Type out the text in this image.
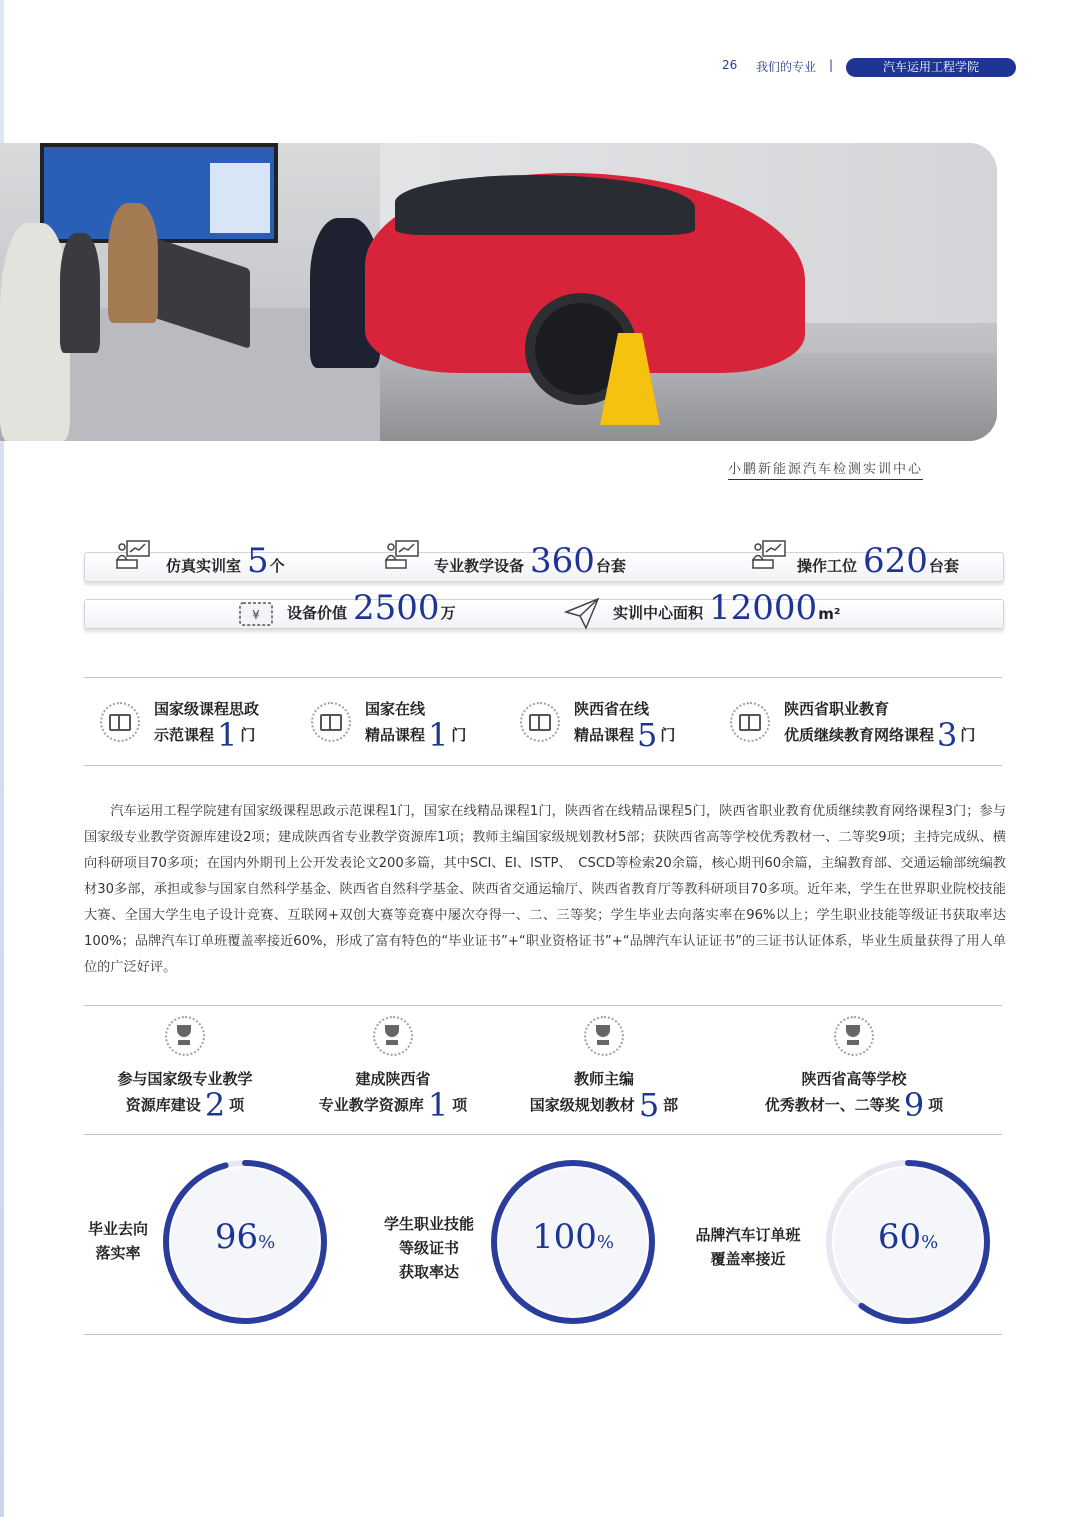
26 我们的专业 |	汽车运用工程学院
小鹏新能源汽车检测实训中心
仿真实训室 5 个	专业教学设备 360 台套	操作工位 620 台套
¥ 设备价值 2500 万	实训中心面积 12000 m²
国家级课程思政
示范课程1 门
国家在线
精品课程1 门
陕西省在线
精品课程5 门
陕西省职业教育
优质继续教育网络课程3 门
汽车运用工程学院建有国家级课程思政示范课程1门，国家在线精品课程1门，陕西省在线精品课程5门，陕西省职业教育优质继续教育网络课程3门；参与国家级专业教学资源库建设2项；建成陕西省专业教学资源库1项；教师主编国家级规划教材5部；获陕西省高等学校优秀教材一、二等奖9项；主持完成纵、横向科研项目70多项；在国内外期刊上公开发表论文200多篇，其中SCI、EI、ISTP、　CSCD等检索20余篇，核心期刊60余篇，主编教育部、交通运输部统编教材30多部，承担或参与国家自然科学基金、陕西省自然科学基金、陕西省交通运输厅、陕西省教育厅等教科研项目70多项。近年来，学生在世界职业院校技能大赛、全国大学生电子设计竞赛、互联网+双创大赛等竞赛中屡次夺得一、二、三等奖；学生毕业去向落实率在96%以上；学生职业技能等级证书获取率达100%；品牌汽车订单班覆盖率接近60%，形成了富有特色的“毕业证书”+“职业资格证书”+“品牌汽车认证证书”的三证书认证体系，毕业生质量获得了用人单位的广泛好评。
参与国家级专业教学
资源库建设 2 项
建成陕西省
专业教学资源库 1 项
教师主编
国家级规划教材 5 部
陕西省高等学校
优秀教材一、二等奖 9 项
毕业去向
落实率	96%
学生职业技能
等级证书
获取率达
100%	品牌汽车订单班
覆盖率接近
60%
